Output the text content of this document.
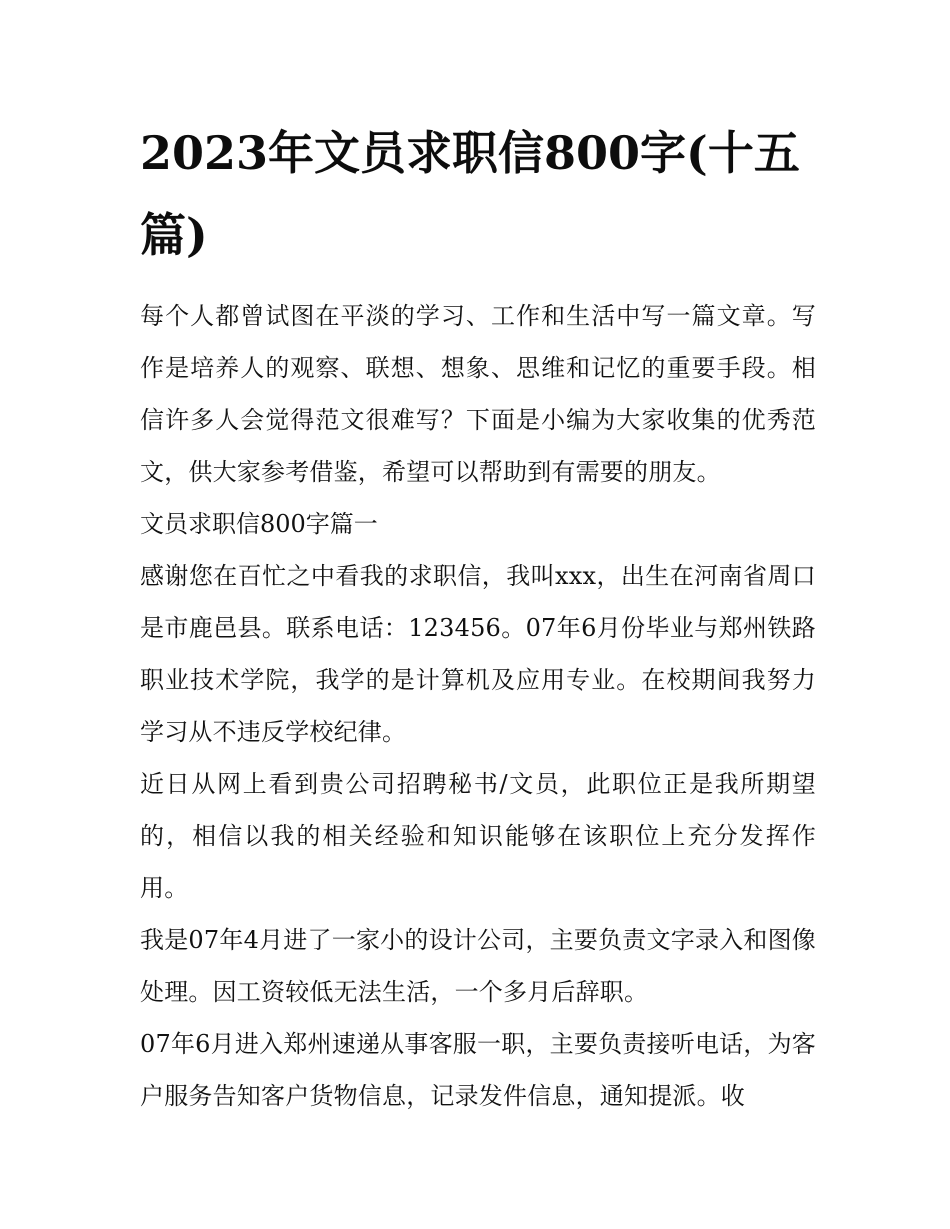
2023年文员求职信800字(十五篇)

每个人都曾试图在平淡的学习、工作和生活中写一篇文章。写作是培养人的观察、联想、想象、思维和记忆的重要手段。相信许多人会觉得范文很难写？下面是小编为大家收集的优秀范文，供大家参考借鉴，希望可以帮助到有需要的朋友。

文员求职信800字篇一

感谢您在百忙之中看我的求职信，我叫xxx，出生在河南省周口是市鹿邑县。联系电话：123456。07年6月份毕业与郑州铁路职业技术学院，我学的是计算机及应用专业。在校期间我努力学习从不违反学校纪律。

近日从网上看到贵公司招聘秘书/文员，此职位正是我所期望的，相信以我的相关经验和知识能够在该职位上充分发挥作用。

我是07年4月进了一家小的设计公司，主要负责文字录入和图像处理。因工资较低无法生活，一个多月后辞职。

07年6月进入郑州速递从事客服一职，主要负责接听电话，为客户服务告知客户货物信息，记录发件信息，通知提派。收
